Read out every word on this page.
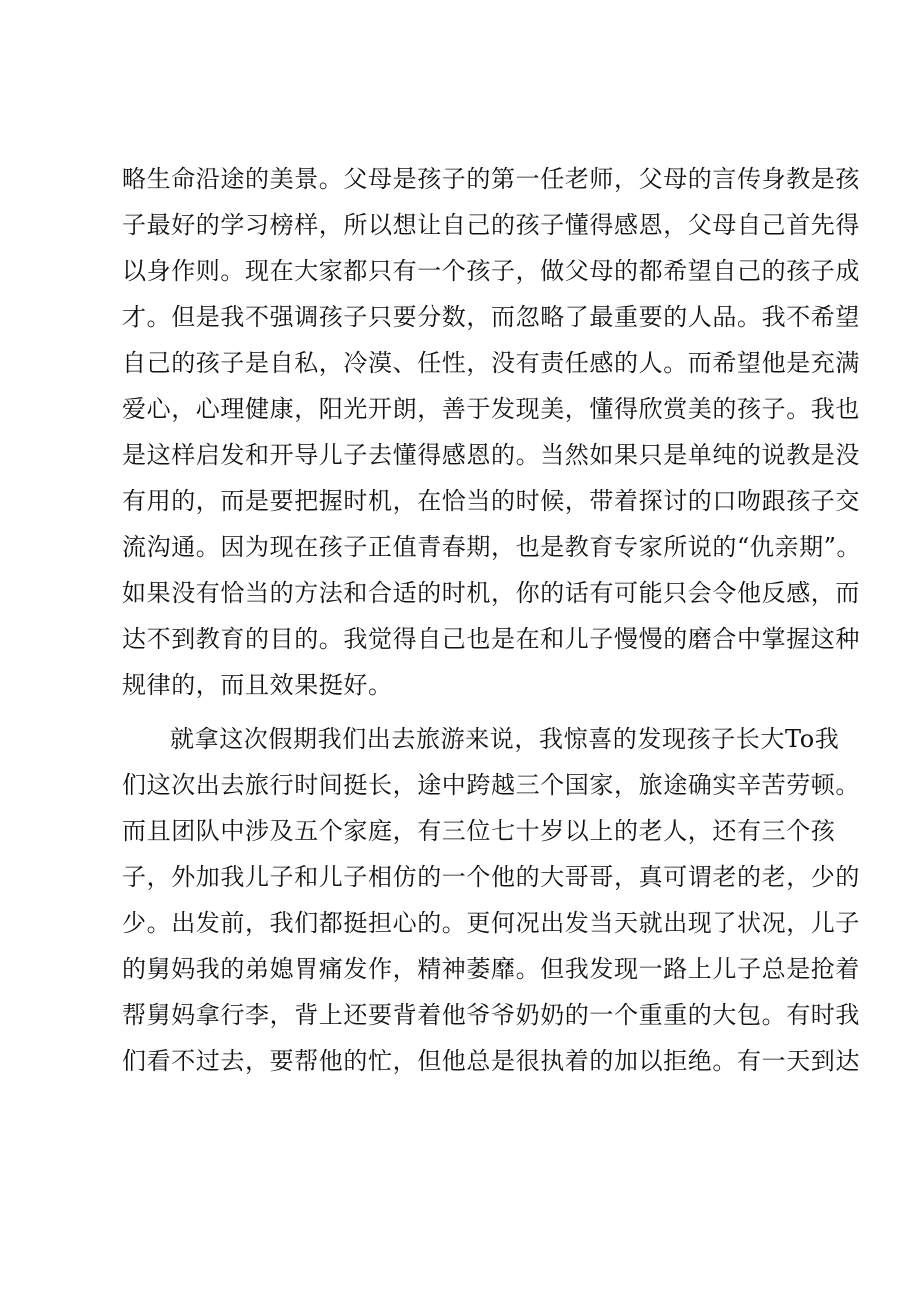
略生命沿途的美景。父母是孩子的第一任老师，父母的言传身教是孩
子最好的学习榜样，所以想让自己的孩子懂得感恩，父母自己首先得
以身作则。现在大家都只有一个孩子，做父母的都希望自己的孩子成
才。但是我不强调孩子只要分数，而忽略了最重要的人品。我不希望
自己的孩子是自私，冷漠、任性，没有责任感的人。而希望他是充满
爱心，心理健康，阳光开朗，善于发现美，懂得欣赏美的孩子。我也
是这样启发和开导儿子去懂得感恩的。当然如果只是单纯的说教是没
有用的，而是要把握时机，在恰当的时候，带着探讨的口吻跟孩子交
流沟通。因为现在孩子正值青春期，也是教育专家所说的“仇亲期”。
如果没有恰当的方法和合适的时机，你的话有可能只会令他反感，而
达不到教育的目的。我觉得自己也是在和儿子慢慢的磨合中掌握这种
规律的，而且效果挺好。
就拿这次假期我们出去旅游来说，我惊喜的发现孩子长大To我
们这次出去旅行时间挺长，途中跨越三个国家，旅途确实辛苦劳顿。
而且团队中涉及五个家庭，有三位七十岁以上的老人，还有三个孩
子，外加我儿子和儿子相仿的一个他的大哥哥，真可谓老的老，少的
少。出发前，我们都挺担心的。更何况出发当天就出现了状况，儿子
的舅妈我的弟媳胃痛发作，精神萎靡。但我发现一路上儿子总是抢着
帮舅妈拿行李，背上还要背着他爷爷奶奶的一个重重的大包。有时我
们看不过去，要帮他的忙，但他总是很执着的加以拒绝。有一天到达
